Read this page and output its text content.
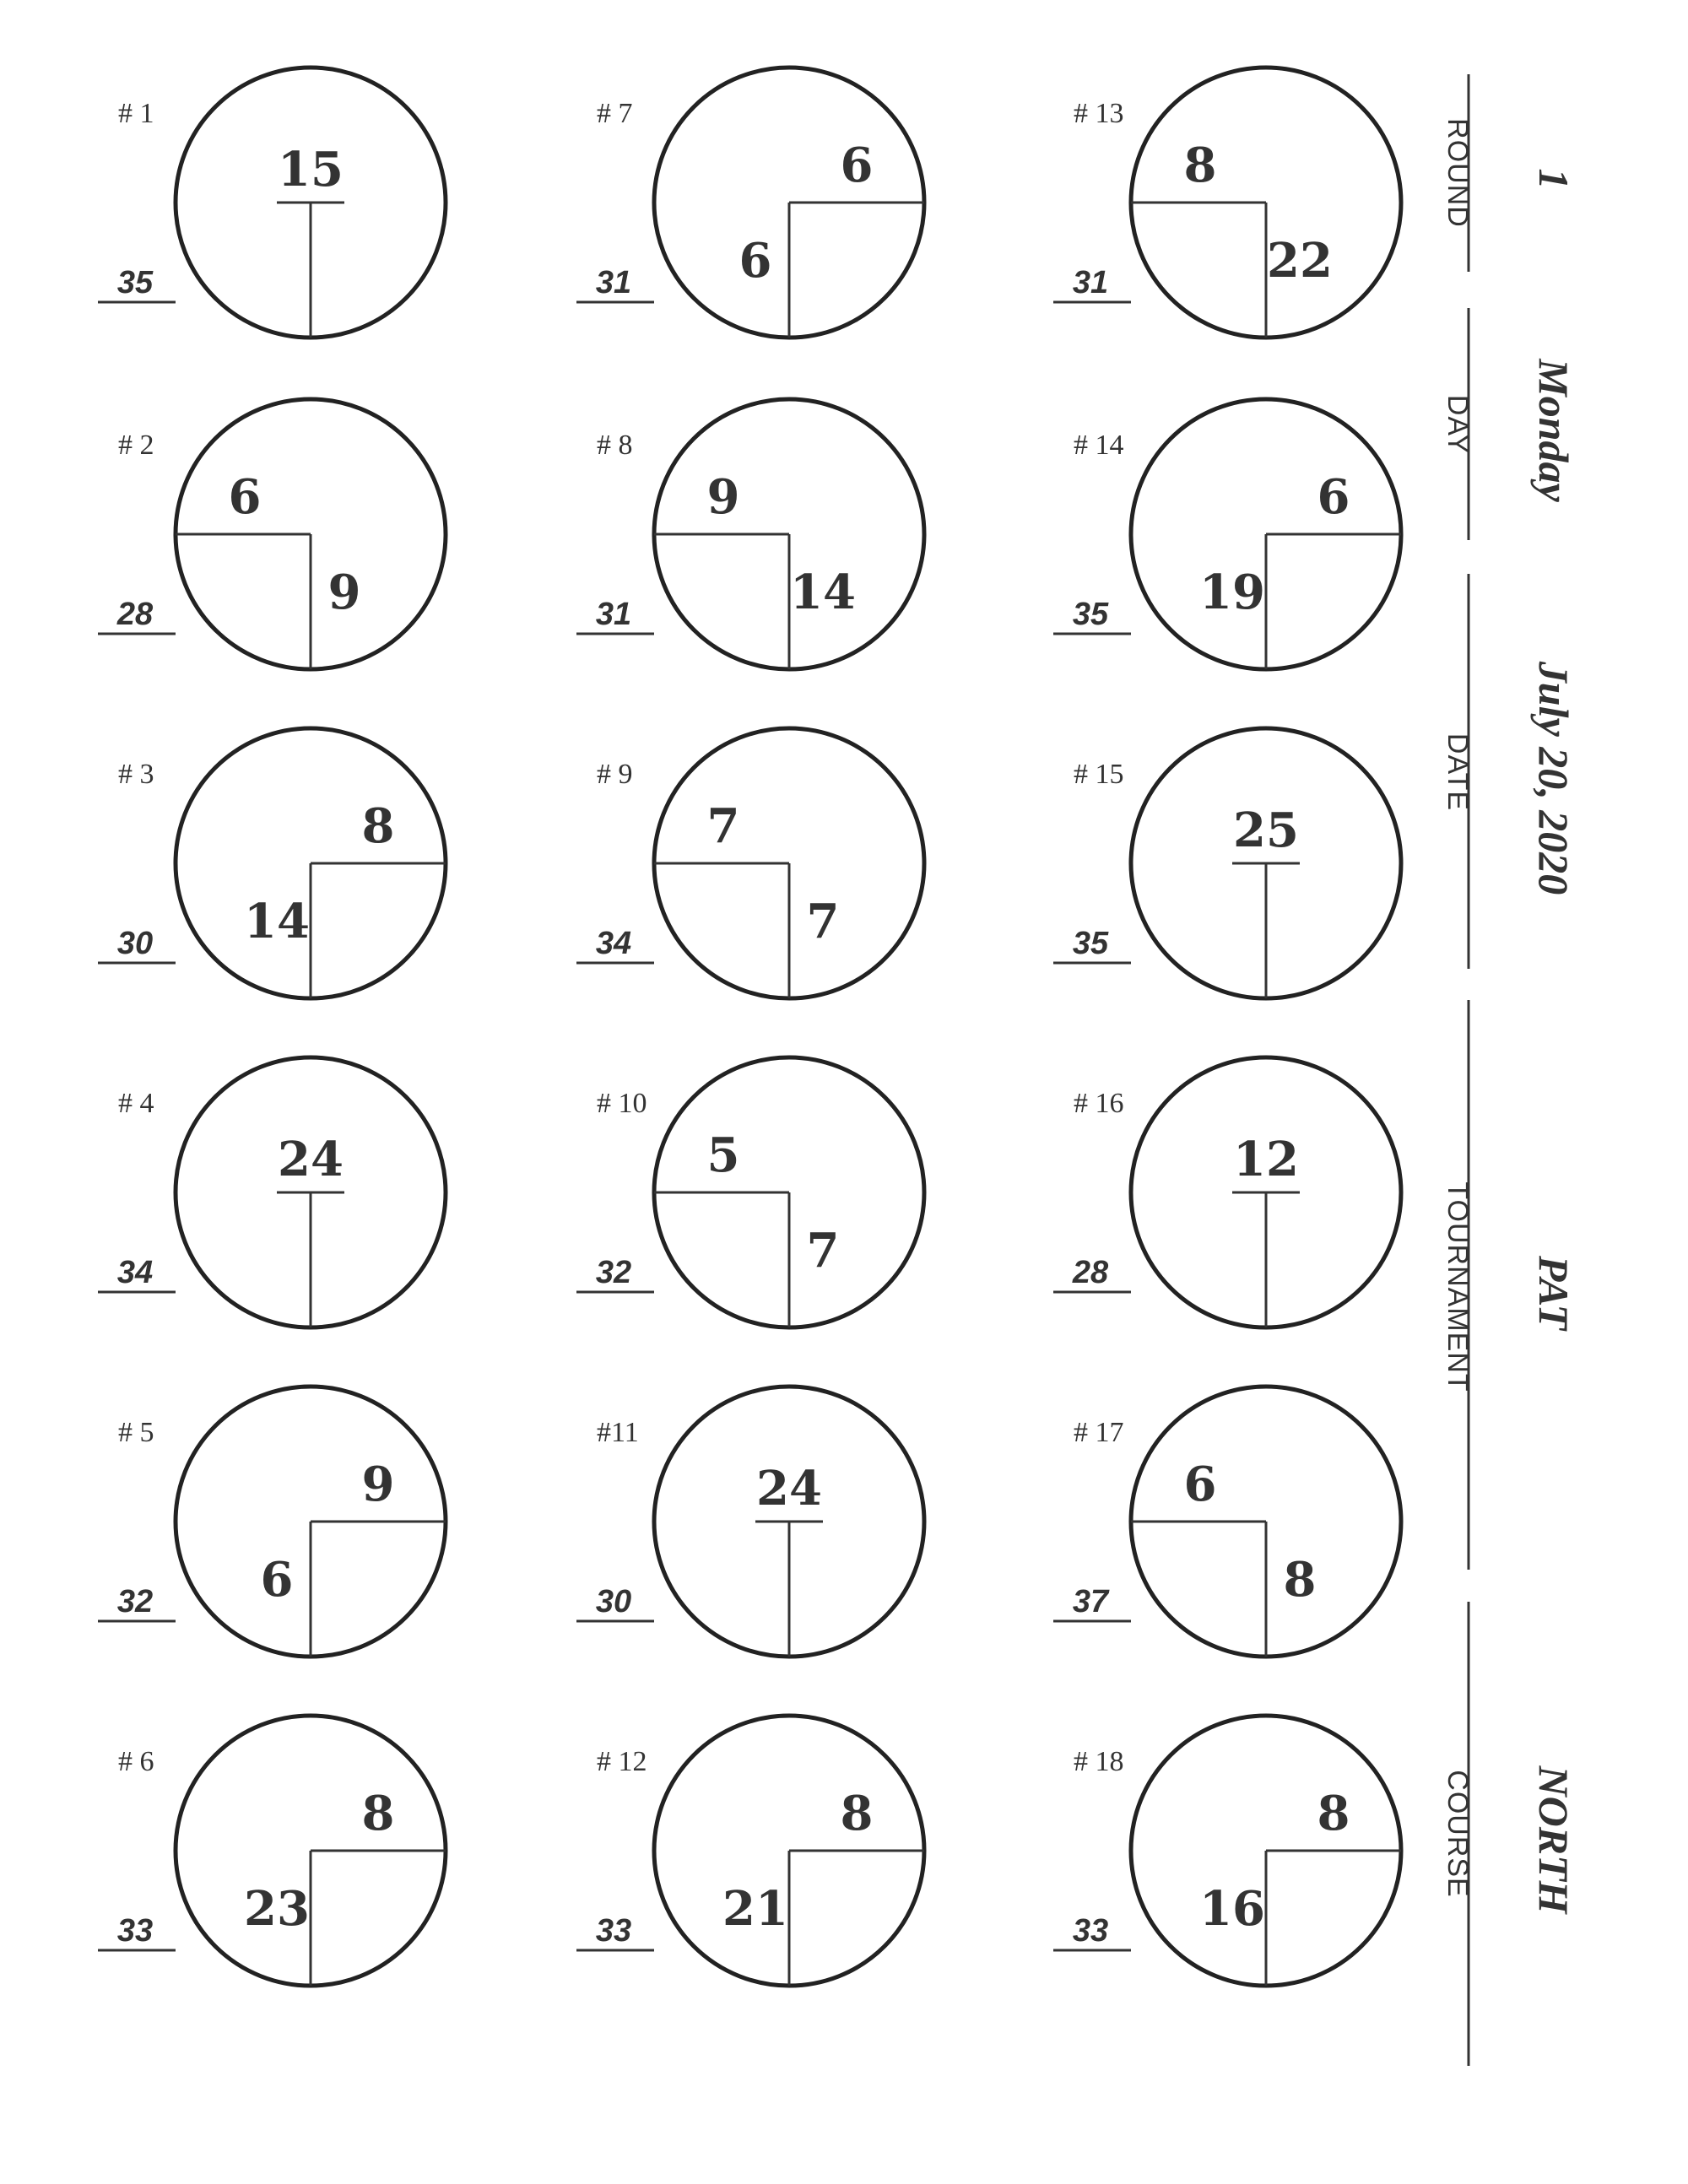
# 1
35
15
# 2
28
6
9
# 3
30
8
14
# 4
34
24
# 5
32
9
6
# 6
33
8
23
# 7
31
6
6
# 8
31
9
14
# 9
34
7
7
# 10
32
5
7
#11
30
24
# 12
33
8
21
# 13
31
8
22
# 14
35
6
19
# 15
35
25
# 16
28
12
# 17
37
6
8
# 18
33
8
16
ROUND
DAY
DATE
TOURNAMENT
COURSE
1
Monday
July 20, 2020
PAT
NORTH
